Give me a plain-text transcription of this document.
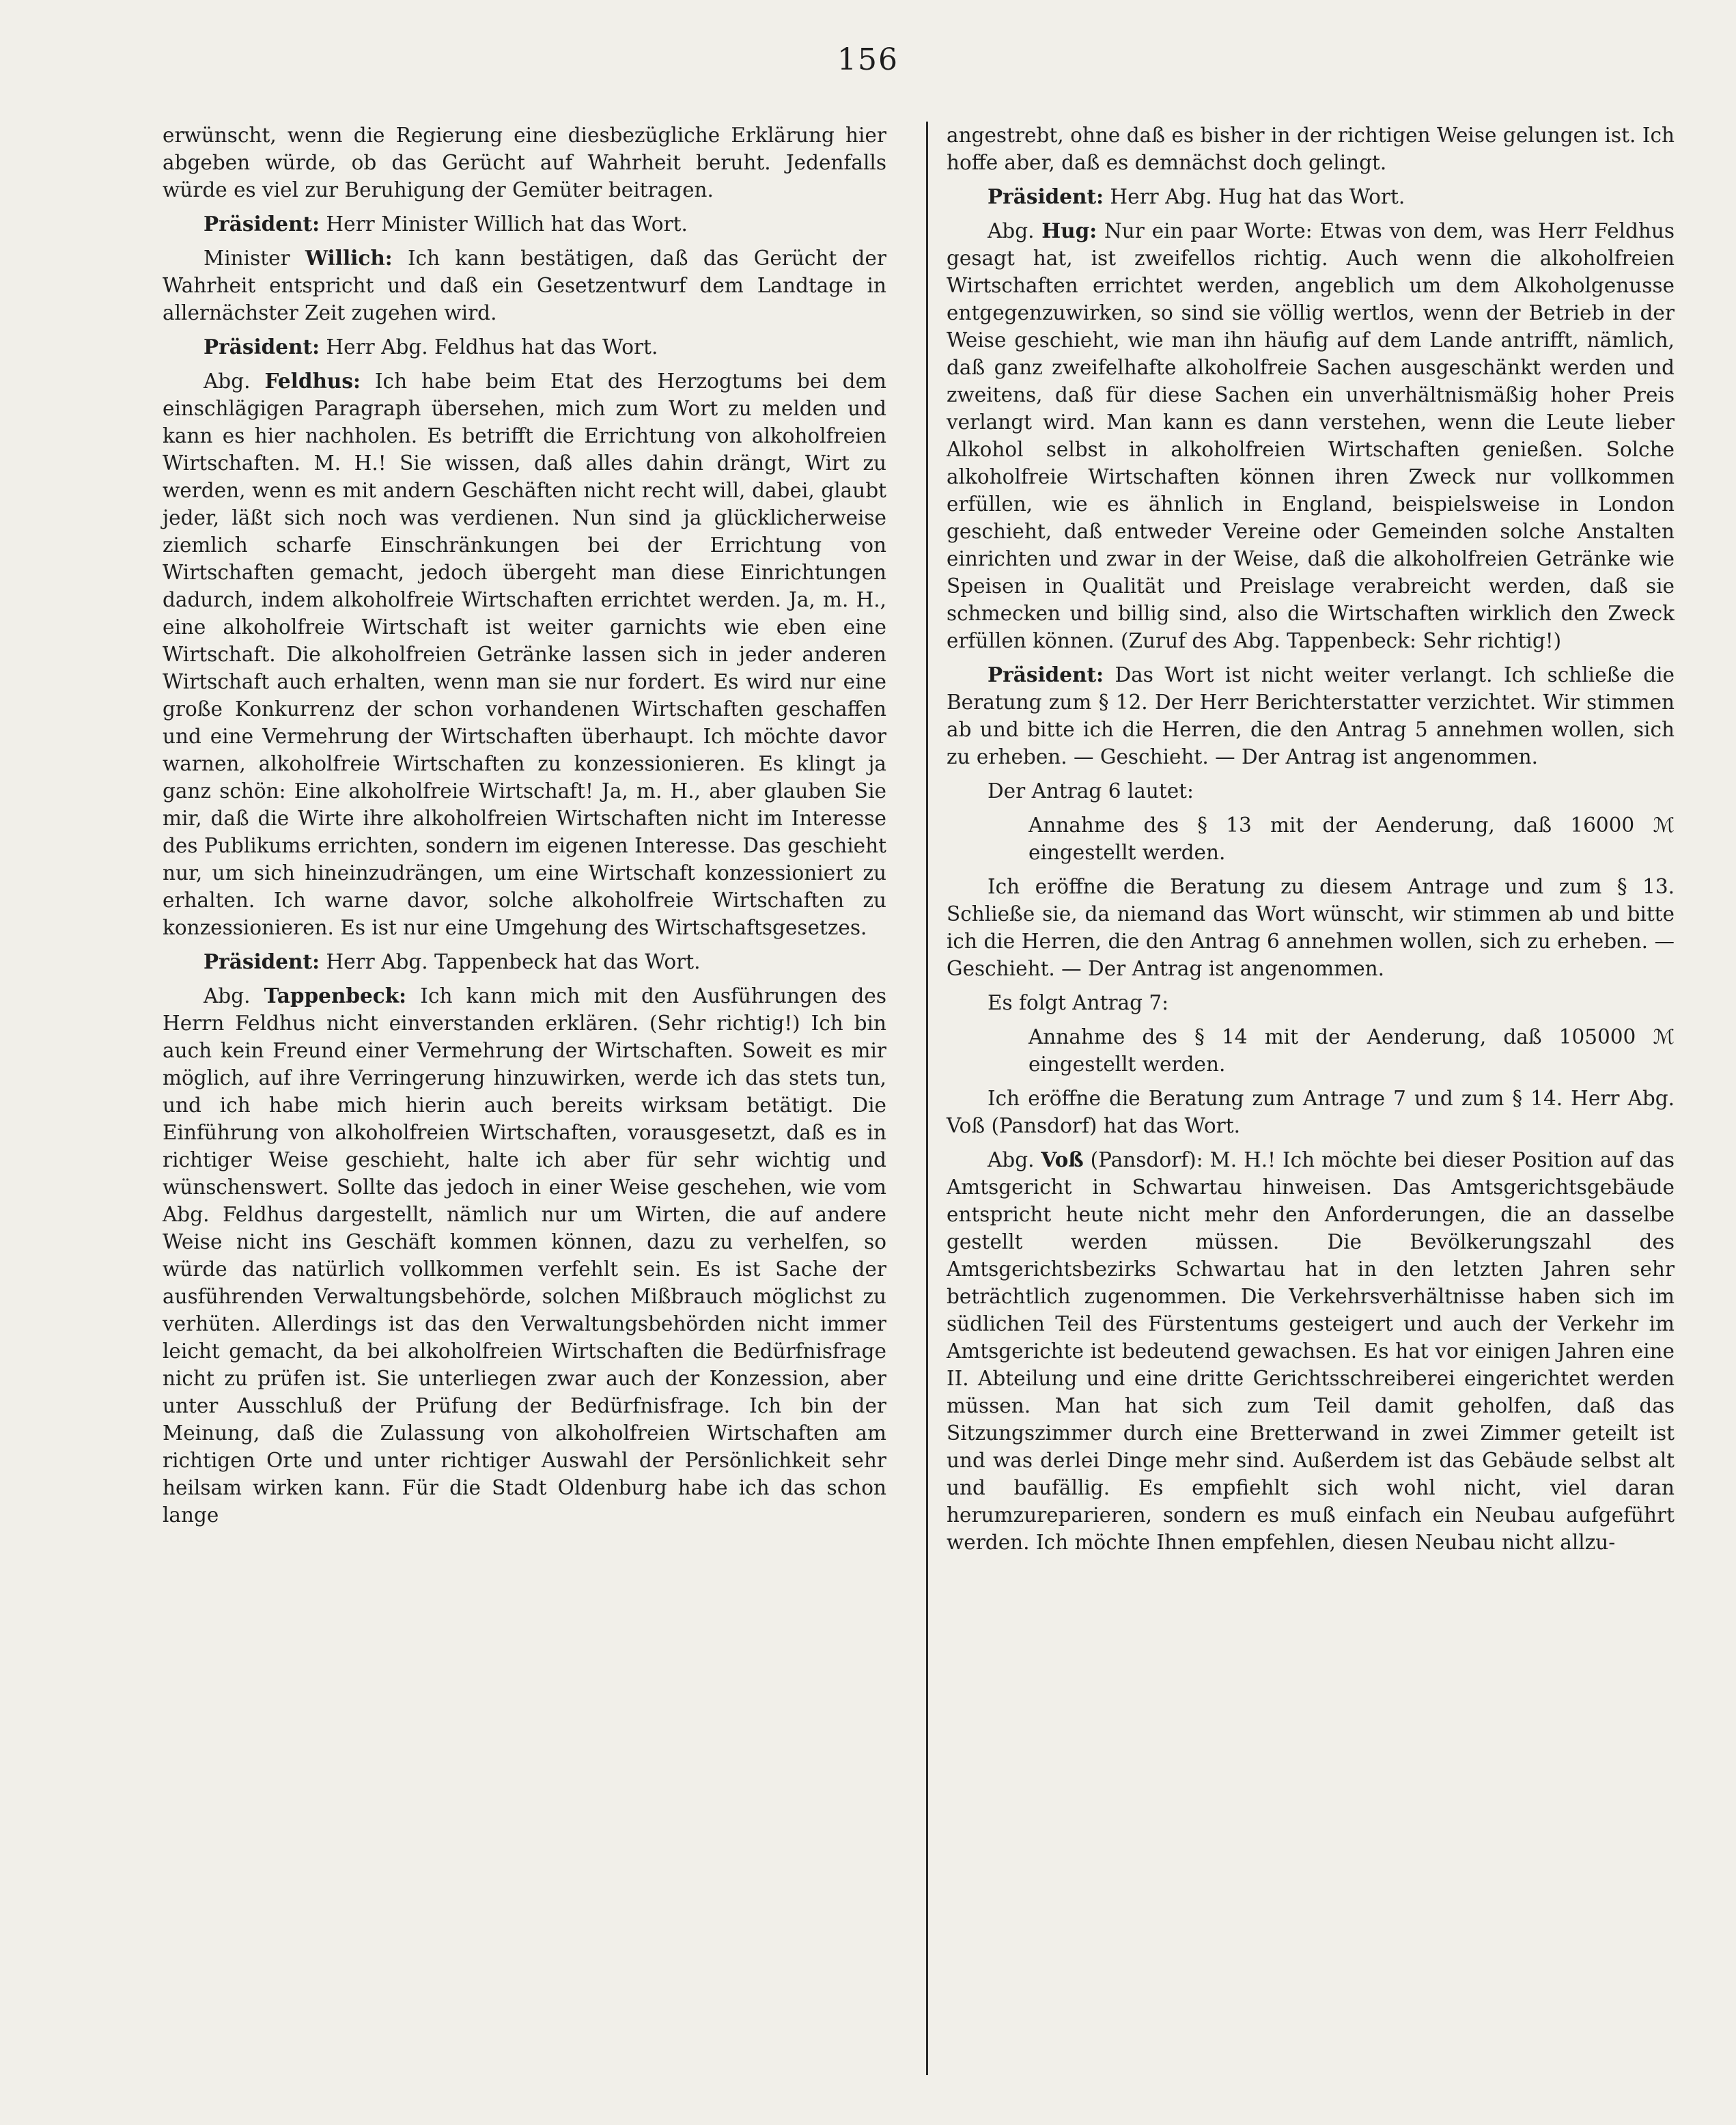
156

erwünscht, wenn die Regierung eine diesbezügliche Erklärung hier abgeben würde, ob das Gerücht auf Wahrheit beruht. Jedenfalls würde es viel zur Beruhigung der Gemüter beitragen.

Präsident: Herr Minister Willich hat das Wort.

Minister Willich: Ich kann bestätigen, daß das Gerücht der Wahrheit entspricht und daß ein Gesetzentwurf dem Landtage in allernächster Zeit zugehen wird.

Präsident: Herr Abg. Feldhus hat das Wort.

Abg. Feldhus: Ich habe beim Etat des Herzogtums bei dem einschlägigen Paragraph übersehen, mich zum Wort zu melden und kann es hier nachholen. Es betrifft die Errichtung von alkoholfreien Wirtschaften. M. H.! Sie wissen, daß alles dahin drängt, Wirt zu werden, wenn es mit andern Geschäften nicht recht will, dabei, glaubt jeder, läßt sich noch was verdienen. Nun sind ja glücklicherweise ziemlich scharfe Einschränkungen bei der Errichtung von Wirtschaften gemacht, jedoch übergeht man diese Einrichtungen dadurch, indem alkoholfreie Wirtschaften errichtet werden. Ja, m. H., eine alkoholfreie Wirtschaft ist weiter garnichts wie eben eine Wirtschaft. Die alkoholfreien Getränke lassen sich in jeder anderen Wirtschaft auch erhalten, wenn man sie nur fordert. Es wird nur eine große Konkurrenz der schon vorhandenen Wirtschaften geschaffen und eine Vermehrung der Wirtschaften überhaupt. Ich möchte davor warnen, alkoholfreie Wirtschaften zu konzessionieren. Es klingt ja ganz schön: Eine alkoholfreie Wirtschaft! Ja, m. H., aber glauben Sie mir, daß die Wirte ihre alkoholfreien Wirtschaften nicht im Interesse des Publikums errichten, sondern im eigenen Interesse. Das geschieht nur, um sich hineinzudrängen, um eine Wirtschaft konzessioniert zu erhalten. Ich warne davor, solche alkoholfreie Wirtschaften zu konzessionieren. Es ist nur eine Umgehung des Wirtschaftsgesetzes.

Präsident: Herr Abg. Tappenbeck hat das Wort.

Abg. Tappenbeck: Ich kann mich mit den Ausführungen des Herrn Feldhus nicht einverstanden erklären. (Sehr richtig!) Ich bin auch kein Freund einer Vermehrung der Wirtschaften. Soweit es mir möglich, auf ihre Verringerung hinzuwirken, werde ich das stets tun, und ich habe mich hierin auch bereits wirksam betätigt. Die Einführung von alkoholfreien Wirtschaften, vorausgesetzt, daß es in richtiger Weise geschieht, halte ich aber für sehr wichtig und wünschenswert. Sollte das jedoch in einer Weise geschehen, wie vom Abg. Feldhus dargestellt, nämlich nur um Wirten, die auf andere Weise nicht ins Geschäft kommen können, dazu zu verhelfen, so würde das natürlich vollkommen verfehlt sein. Es ist Sache der ausführenden Verwaltungsbehörde, solchen Mißbrauch möglichst zu verhüten. Allerdings ist das den Verwaltungsbehörden nicht immer leicht gemacht, da bei alkoholfreien Wirtschaften die Bedürfnisfrage nicht zu prüfen ist. Sie unterliegen zwar auch der Konzession, aber unter Ausschluß der Prüfung der Bedürfnisfrage. Ich bin der Meinung, daß die Zulassung von alkoholfreien Wirtschaften am richtigen Orte und unter richtiger Auswahl der Persönlichkeit sehr heilsam wirken kann. Für die Stadt Oldenburg habe ich das schon lange

angestrebt, ohne daß es bisher in der richtigen Weise gelungen ist. Ich hoffe aber, daß es demnächst doch gelingt.

Präsident: Herr Abg. Hug hat das Wort.

Abg. Hug: Nur ein paar Worte: Etwas von dem, was Herr Feldhus gesagt hat, ist zweifellos richtig. Auch wenn die alkoholfreien Wirtschaften errichtet werden, angeblich um dem Alkoholgenusse entgegenzuwirken, so sind sie völlig wertlos, wenn der Betrieb in der Weise geschieht, wie man ihn häufig auf dem Lande antrifft, nämlich, daß ganz zweifelhafte alkoholfreie Sachen ausgeschänkt werden und zweitens, daß für diese Sachen ein unverhältnismäßig hoher Preis verlangt wird. Man kann es dann verstehen, wenn die Leute lieber Alkohol selbst in alkoholfreien Wirtschaften genießen. Solche alkoholfreie Wirtschaften können ihren Zweck nur vollkommen erfüllen, wie es ähnlich in England, beispielsweise in London geschieht, daß entweder Vereine oder Gemeinden solche Anstalten einrichten und zwar in der Weise, daß die alkoholfreien Getränke wie Speisen in Qualität und Preislage verabreicht werden, daß sie schmecken und billig sind, also die Wirtschaften wirklich den Zweck erfüllen können. (Zuruf des Abg. Tappenbeck: Sehr richtig!)

Präsident: Das Wort ist nicht weiter verlangt. Ich schließe die Beratung zum § 12. Der Herr Berichterstatter verzichtet. Wir stimmen ab und bitte ich die Herren, die den Antrag 5 annehmen wollen, sich zu erheben. — Geschieht. — Der Antrag ist angenommen.

Der Antrag 6 lautet:

Annahme des § 13 mit der Aenderung, daß 16000 ℳ eingestellt werden.

Ich eröffne die Beratung zu diesem Antrage und zum § 13. Schließe sie, da niemand das Wort wünscht, wir stimmen ab und bitte ich die Herren, die den Antrag 6 annehmen wollen, sich zu erheben. — Geschieht. — Der Antrag ist angenommen.

Es folgt Antrag 7:

Annahme des § 14 mit der Aenderung, daß 105000 ℳ eingestellt werden.

Ich eröffne die Beratung zum Antrage 7 und zum § 14. Herr Abg. Voß (Pansdorf) hat das Wort.

Abg. Voß (Pansdorf): M. H.! Ich möchte bei dieser Position auf das Amtsgericht in Schwartau hinweisen. Das Amtsgerichtsgebäude entspricht heute nicht mehr den Anforderungen, die an dasselbe gestellt werden müssen. Die Bevölkerungszahl des Amtsgerichtsbezirks Schwartau hat in den letzten Jahren sehr beträchtlich zugenommen. Die Verkehrsverhältnisse haben sich im südlichen Teil des Fürstentums gesteigert und auch der Verkehr im Amtsgerichte ist bedeutend gewachsen. Es hat vor einigen Jahren eine II. Abteilung und eine dritte Gerichtsschreiberei eingerichtet werden müssen. Man hat sich zum Teil damit geholfen, daß das Sitzungszimmer durch eine Bretterwand in zwei Zimmer geteilt ist und was derlei Dinge mehr sind. Außerdem ist das Gebäude selbst alt und baufällig. Es empfiehlt sich wohl nicht, viel daran herumzureparieren, sondern es muß einfach ein Neubau aufgeführt werden. Ich möchte Ihnen empfehlen, diesen Neubau nicht allzu-
